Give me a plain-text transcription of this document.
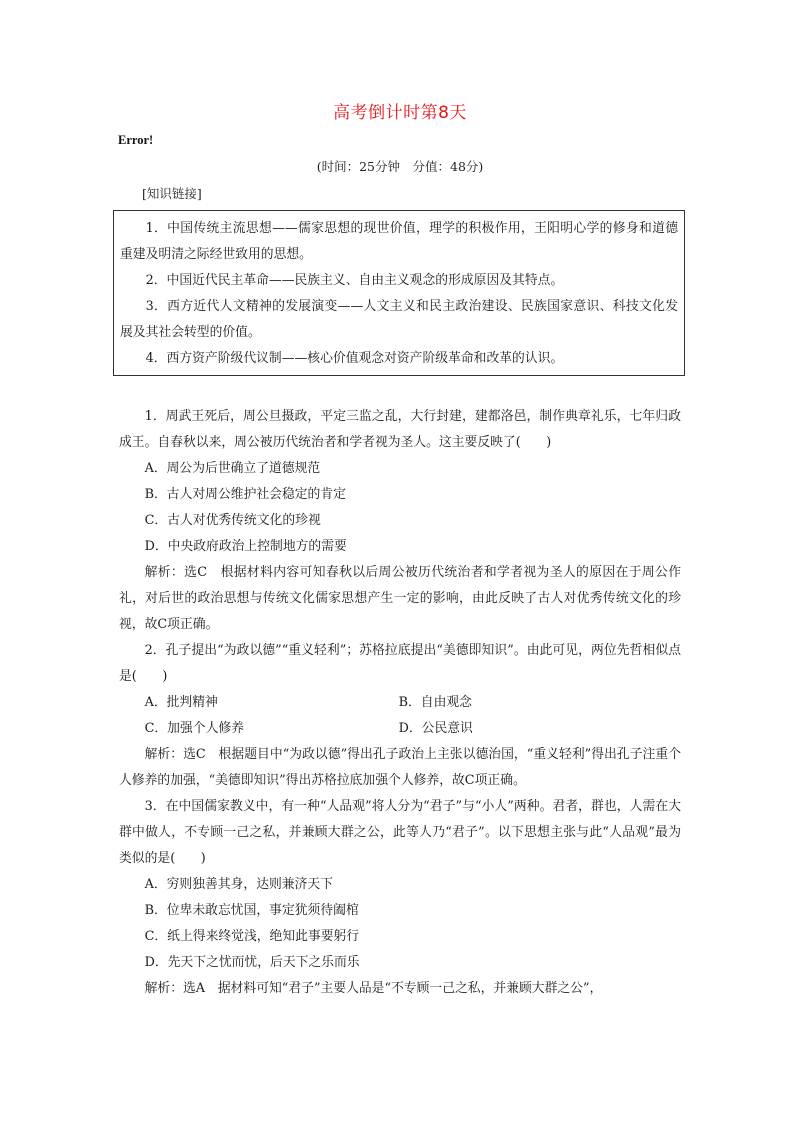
高考倒计时第8天
Error!
(时间：25分钟　分值：48分)
[知识链接]

1．中国传统主流思想——儒家思想的现世价值，理学的积极作用，王阳明心学的修身和道德重建及明清之际经世致用的思想。

2．中国近代民主革命——民族主义、自由主义观念的形成原因及其特点。

3．西方近代人文精神的发展演变——人文主义和民主政治建设、民族国家意识、科技文化发展及其社会转型的价值。

4．西方资产阶级代议制——核心价值观念对资产阶级革命和改革的认识。

1．周武王死后，周公旦摄政，平定三监之乱，大行封建，建都洛邑，制作典章礼乐，七年归政成王。自春秋以来，周公被历代统治者和学者视为圣人。这主要反映了(　　)

A．周公为后世确立了道德规范

B．古人对周公维护社会稳定的肯定

C．古人对优秀传统文化的珍视

D．中央政府政治上控制地方的需要

解析：选C　根据材料内容可知春秋以后周公被历代统治者和学者视为圣人的原因在于周公作礼，对后世的政治思想与传统文化儒家思想产生一定的影响，由此反映了古人对优秀传统文化的珍视，故C项正确。

2．孔子提出“为政以德”“重义轻利”；苏格拉底提出“美德即知识”。由此可见，两位先哲相似点是(　　)

A．批判精神	B．自由观念
C．加强个人修养	D．公民意识

解析：选C　根据题目中“为政以德”得出孔子政治上主张以德治国，“重义轻利”得出孔子注重个人修养的加强，“美德即知识”得出苏格拉底加强个人修养，故C项正确。

3．在中国儒家教义中，有一种“人品观”将人分为“君子”与“小人”两种。君者，群也，人需在大群中做人，不专顾一己之私，并兼顾大群之公，此等人乃“君子”。以下思想主张与此“人品观”最为类似的是(　　)

A．穷则独善其身，达则兼济天下

B．位卑未敢忘忧国，事定犹须待阖棺

C．纸上得来终觉浅，绝知此事要躬行

D．先天下之忧而忧，后天下之乐而乐

解析：选A　据材料可知“君子”主要人品是“不专顾一己之私，并兼顾大群之公”，
